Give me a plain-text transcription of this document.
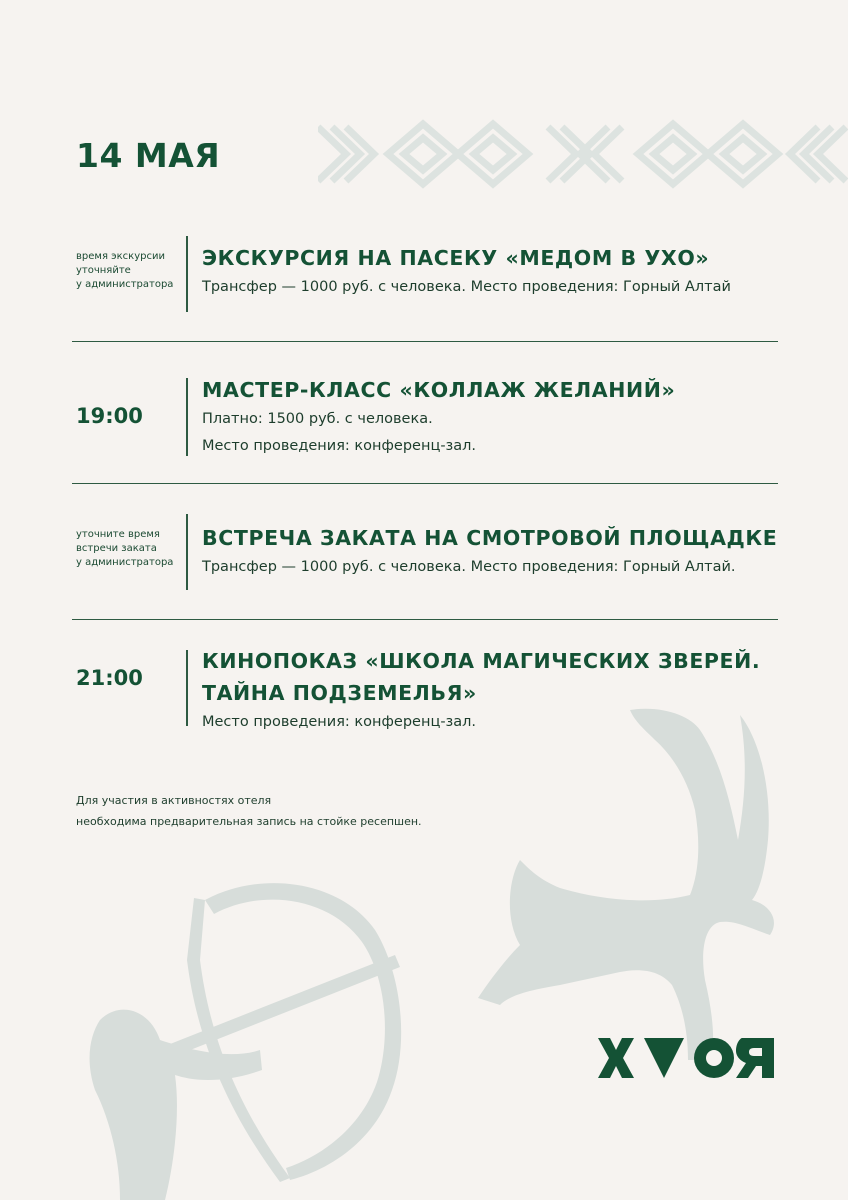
14 МАЯ
время экскурсии
уточняйте
у администратора
ЭКСКУРСИЯ НА ПАСЕКУ «МЕДОМ В УХО»

Трансфер — 1000 руб. с человека. Место проведения: Горный Алтай

19:00
МАСТЕР-КЛАСС «КОЛЛАЖ ЖЕЛАНИЙ»

Платно: 1500 руб. с человека.

Место проведения: конференц-зал.

уточните время
встречи заката
у администратора
ВСТРЕЧА ЗАКАТА НА СМОТРОВОЙ ПЛОЩАДКЕ

Трансфер — 1000 руб. с человека. Место проведения: Горный Алтай.

21:00
КИНОПОКАЗ «ШКОЛА МАГИЧЕСКИХ ЗВЕРЕЙ.
ТАЙНА ПОДЗЕМЕЛЬЯ»

Место проведения: конференц-зал.

Для участия в активностях отеля
необходима предварительная запись на стойке ресепшен.
